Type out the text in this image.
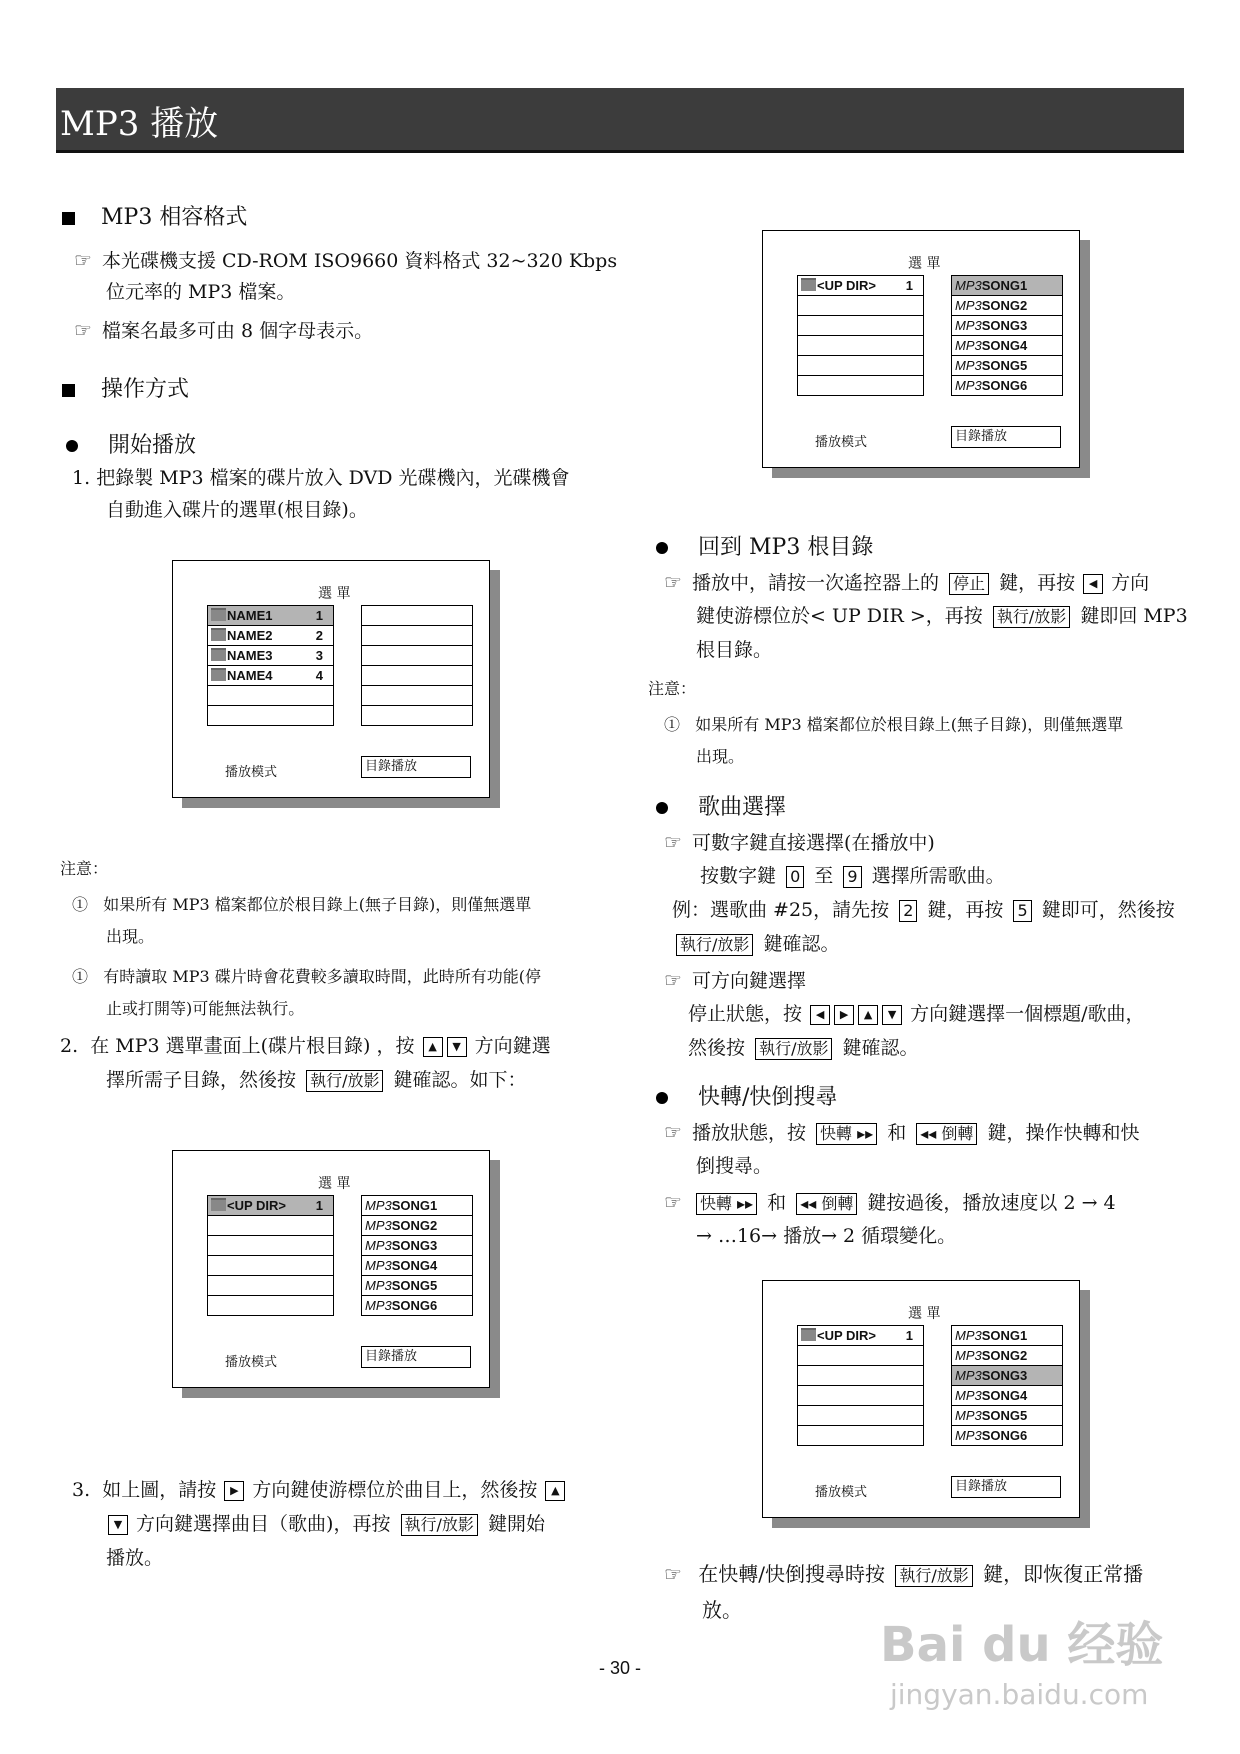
MP3 播放
MP3 相容格式
☞ 本光碟機支援 CD-ROM ISO9660 資料格式 32~320 Kbps
位元率的 MP3 檔案。
☞ 檔案名最多可由 8 個字母表示。
操作方式
開始播放
1. 把錄製 MP3 檔案的碟片放入 DVD 光碟機內，光碟機會
自動進入碟片的選單(根目錄)。
選 單
NAME1	1
NAME2	2
NAME3	3
NAME4	4
播放模式	目錄播放
注意：
① 如果所有 MP3 檔案都位於根目錄上(無子目錄)，則僅無選單
出現。
① 有時讀取 MP3 碟片時會花費較多讀取時間，此時所有功能(停
止或打開等)可能無法執行。
2. 在 MP3 選單畫面上(碟片根目錄) ，按 ▲ ▼ 方向鍵選
擇所需子目錄，然後按 執行/放影 鍵確認。如下：
選 單
<UP DIR> 1	MP3SONG1
MP3SONG2
MP3SONG3
MP3SONG4
MP3SONG5
MP3SONG6
播放模式	目錄播放
3. 如上圖，請按 ▶ 方向鍵使游標位於曲目上，然後按 ▲
▼ 方向鍵選擇曲目（歌曲)，再按 執行/放影 鍵開始
播放。
選 單
<UP DIR> 1	MP3SONG1
MP3SONG2
MP3SONG3
MP3SONG4
MP3SONG5
MP3SONG6
播放模式	目錄播放
回到 MP3 根目錄
☞ 播放中，請按一次遙控器上的 停止 鍵，再按 ◀ 方向
鍵使游標位於< UP DIR >，再按 執行/放影 鍵即回 MP3
根目錄。
注意：
① 如果所有 MP3 檔案都位於根目錄上(無子目錄)，則僅無選單
出現。
歌曲選擇
☞ 可數字鍵直接選擇(在播放中)
按數字鍵 0 至 9 選擇所需歌曲。
例：選歌曲 #25，請先按 2 鍵，再按 5 鍵即可，然後按
執行/放影 鍵確認。
☞ 可方向鍵選擇
停止狀態，按 ◀ ▶ ▲ ▼ 方向鍵選擇一個標題/歌曲，
然後按 執行/放影 鍵確認。
快轉/快倒搜尋
☞ 播放狀態，按 快轉 ▸▸ 和 ◂◂ 倒轉 鍵，操作快轉和快
倒搜尋。
☞ 快轉 ▸▸ 和 ◂◂ 倒轉 鍵按過後，播放速度以 2 → 4
→ …16→ 播放→ 2 循環變化。
選 單
<UP DIR> 1	MP3SONG1
MP3SONG2
MP3SONG3
MP3SONG4
MP3SONG5
MP3SONG6
播放模式	目錄播放
☞ 在快轉/快倒搜尋時按 執行/放影 鍵，即恢復正常播
放。
- 30 -	Bai du 经验
jingyan.baidu.com
